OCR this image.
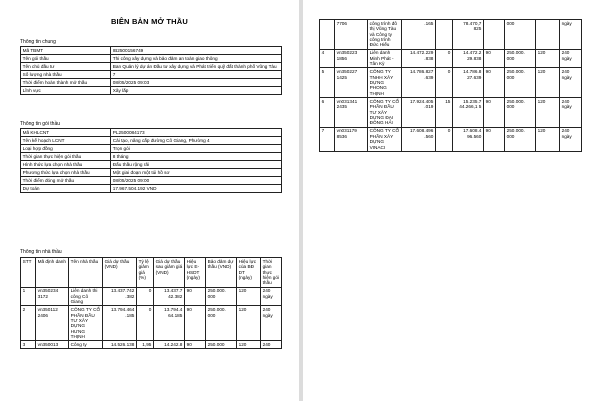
BIÊN BẢN MỞ THẦU
Thông tin chung
Mã TBMT	IB2500156749
Tên gói thầu	Thi công xây dựng và bảo đảm an toàn giao thông
Tên chủ đầu tư	Ban Quản lý dự án Đầu tư xây dựng và Phát triển quỹ đất thành phố Vũng Tàu
Số lượng nhà thầu	7
Thời điểm hoàn thành mở thầu	08/05/2025 09:03
Lĩnh vực	Xây lắp
Thông tin gói thầu
Mã KHLCNT	PL2500084173
Tên kế hoạch LCNT	Cải tạo, nâng cấp đường Cô Giang, Phường 4
Loại hợp đồng	Trọn gói
Thời gian thực hiện gói thầu	8 tháng
Hình thức lựa chọn nhà thầu	Đấu thầu rộng rãi
Phương thức lựa chọn nhà thầu	Một giai đoạn một túi hồ sơ
Thời điểm đóng mở thầu	08/05/2025 09:00
Dự toán	17.967.504.192 VND
Thông tin nhà thầu
STT	Mã định danh	Tên nhà thầu	Giá dự thầu (VND)	Tỷ lệ giảm giá (%)	Giá dự thầu sau giảm giá (VND)	Hiệu lực E-HSDT (ngày)	Bảo đảm dự thầu (VND)	Hiệu lực của BĐ DT (ngày)	Thời gian thực hiện gói thầu
1	vn350234 3172	Liên danh thi công Cô Giang	13.437.742 .382	0	13.437.7 42.382	90	250.000. 000	120	240 ngày
2	vn350112 2406	CÔNG TY CỔ PHẦN ĐẦU TƯ XÂY DỰNG HƯNG THỊNH	13.794.464 .185	0	13.794.4 64.185	90	250.000. 000	120	240 ngày
3	vn350013	Công ty	14.526.138	1,95	14.242.8	90	250.000	120	240
	7706	công trình đô thị Vũng Tàu và Công ty công trình Đức Hiếu	.165		78.470,7 825		000		ngày
4	vn350223 1856	Liên danh Minh Phát - Tân Kỳ	14.472.229 .838	0	14.472.2 29.838	90	250.000. 000	120	240 ngày
5	vn350227 1425	CÔNG TY TNHH XÂY DỰNG PHONG THỊNH	14.786.827 .639	0	14.786.8 27.639	90	250.000. 000	120	240 ngày
6	vn031341 2435	CÔNG TY CỔ PHẦN ĐẦU TƯ XÂY DỰNG ĐẠI ĐÔNG HẢI	17.924.405 .019	15	15.235.7 44.266,1 5	90	250.000. 000	120	240 ngày
7	vn031179 8536	CÔNG TY CỔ PHẦN XÂY DỰNG VINACI	17.608.496 .560	0	17.608.4 96.560	90	250.000. 000	120	240 ngày
